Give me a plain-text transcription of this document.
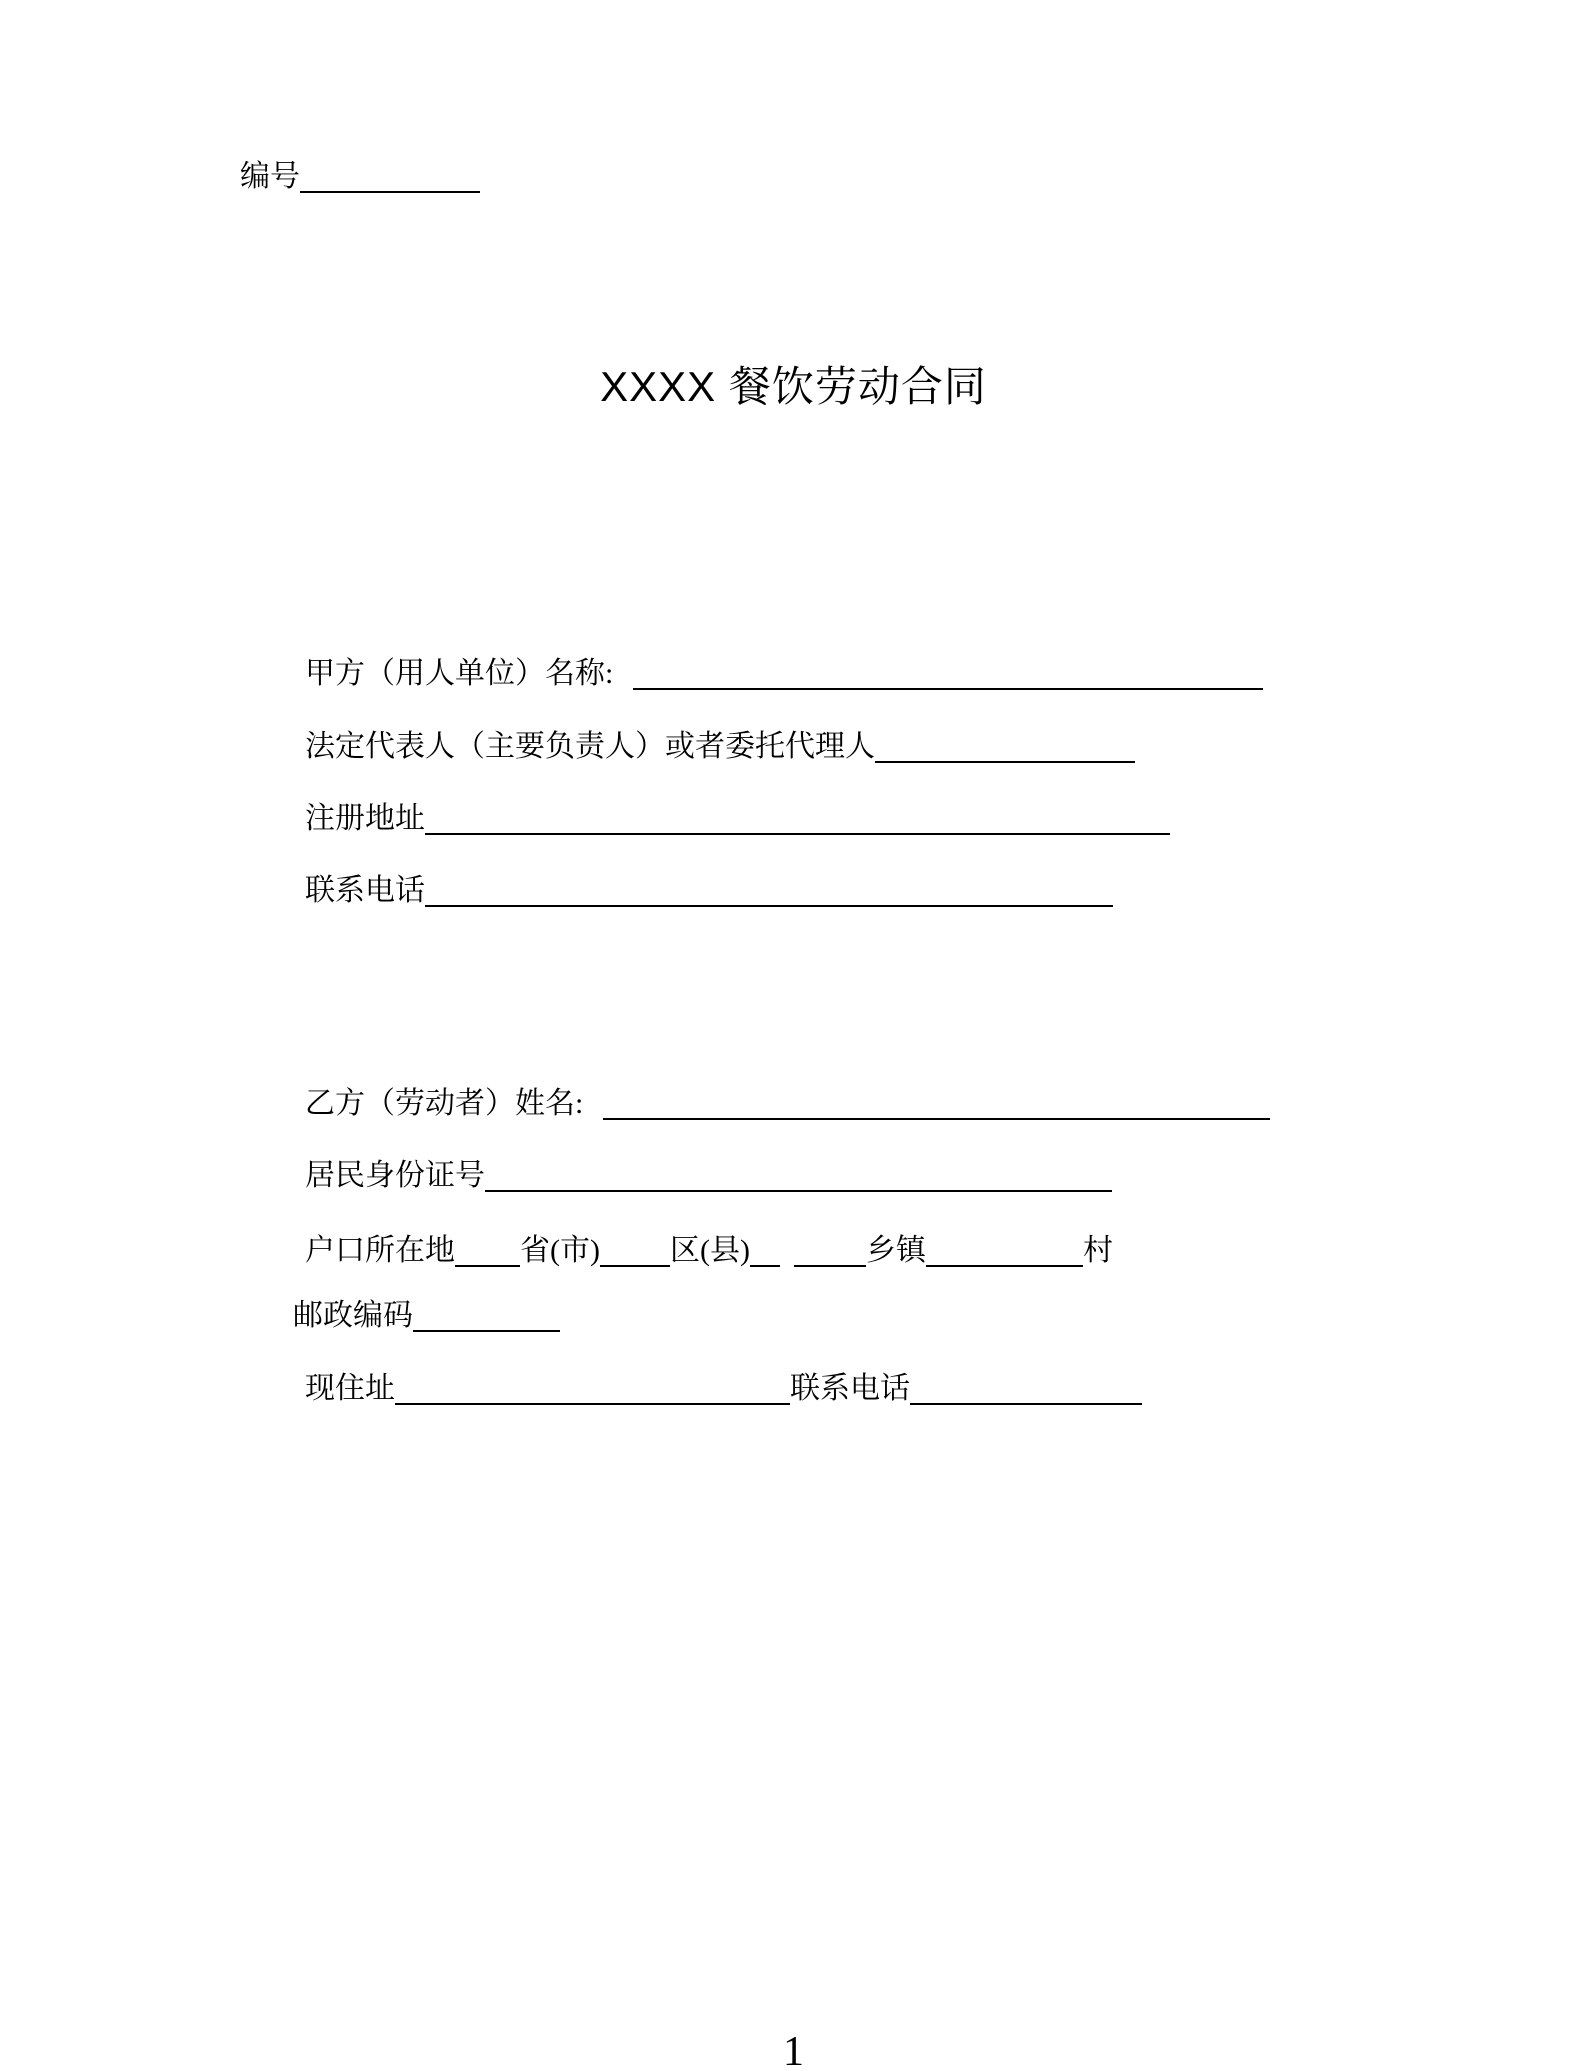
编号
XXXX 餐饮劳动合同
甲方（用人单位）名称:
法定代表人（主要负责人）或者委托代理人
注册地址
联系电话
乙方（劳动者）姓名:
居民身份证号
户口所在地 省(市) 区(县)	乡镇	村
邮政编码
现住址	联系电话
1
